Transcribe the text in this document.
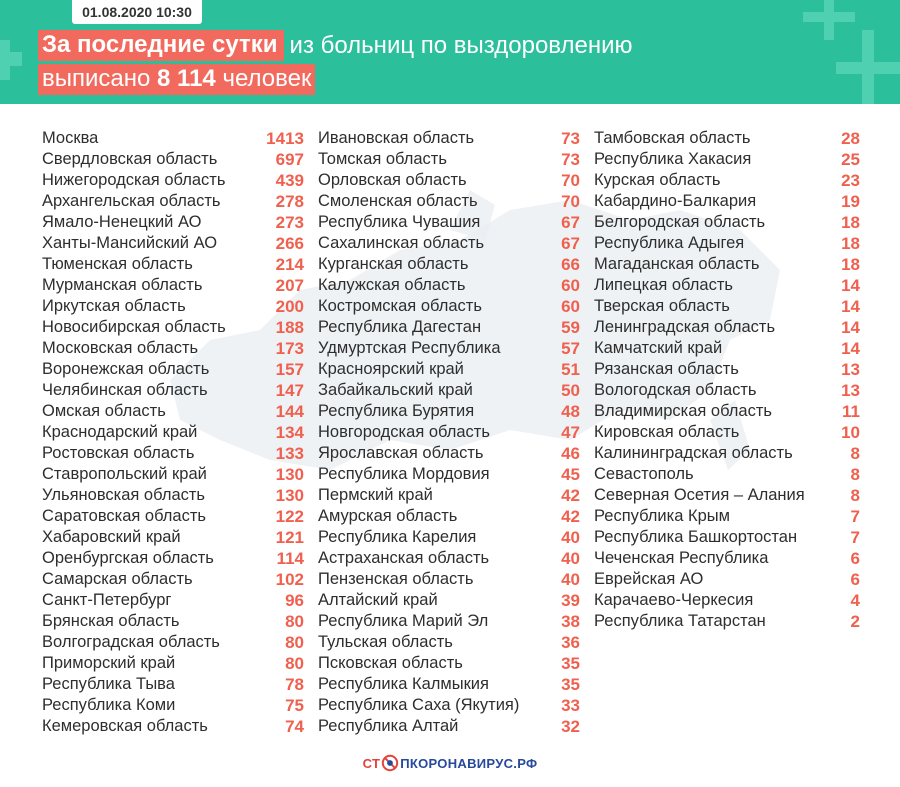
01.08.2020 10:30
За последние сутки из больниц по выздоровлению
выписано 8 114 человек
Москва	1413
Свердловская область	697
Нижегородская область	439
Архангельская область	278
Ямало-Ненецкий АО	273
Ханты-Мансийский АО	266
Тюменская область	214
Мурманская область	207
Иркутская область	200
Новосибирская область	188
Московская область	173
Воронежская область	157
Челябинская область	147
Омская область	144
Краснодарский край	134
Ростовская область	133
Ставропольский край	130
Ульяновская область	130
Саратовская область	122
Хабаровский край	121
Оренбургская область	114
Самарская область	102
Санкт-Петербург	96
Брянская область	80
Волгоградская область	80
Приморский край	80
Республика Тыва	78
Республика Коми	75
Кемеровская область	74
Ивановская область	73
Томская область	73
Орловская область	70
Смоленская область	70
Республика Чувашия	67
Сахалинская область	67
Курганская область	66
Калужская область	60
Костромская область	60
Республика Дагестан	59
Удмуртская Республика	57
Красноярский край	51
Забайкальский край	50
Республика Бурятия	48
Новгородская область	47
Ярославская область	46
Республика Мордовия	45
Пермский край	42
Амурская область	42
Республика Карелия	40
Астраханская область	40
Пензенская область	40
Алтайский край	39
Республика Марий Эл	38
Тульская область	36
Псковская область	35
Республика Калмыкия	35
Республика Саха (Якутия) 33
Республика Алтай	32
Тамбовская область	28
Республика Хакасия	25
Курская область	23
Кабардино-Балкария	19
Белгородская область	18
Республика Адыгея	18
Магаданская область	18
Липецкая область	14
Тверская область	14
Ленинградская область	14
Камчатский край	14
Рязанская область	13
Вологодская область	13
Владимирская область	11
Кировская область	10
Калининградская область	8
Севастополь	8
Северная Осетия – Алания	8
Республика Крым	7
Республика Башкортостан	7
Чеченская Республика	6
Еврейская АО	6
Карачаево-Черкесия	4
Республика Татарстан	2
СТ ПКОРОНАВИРУС.РФ
